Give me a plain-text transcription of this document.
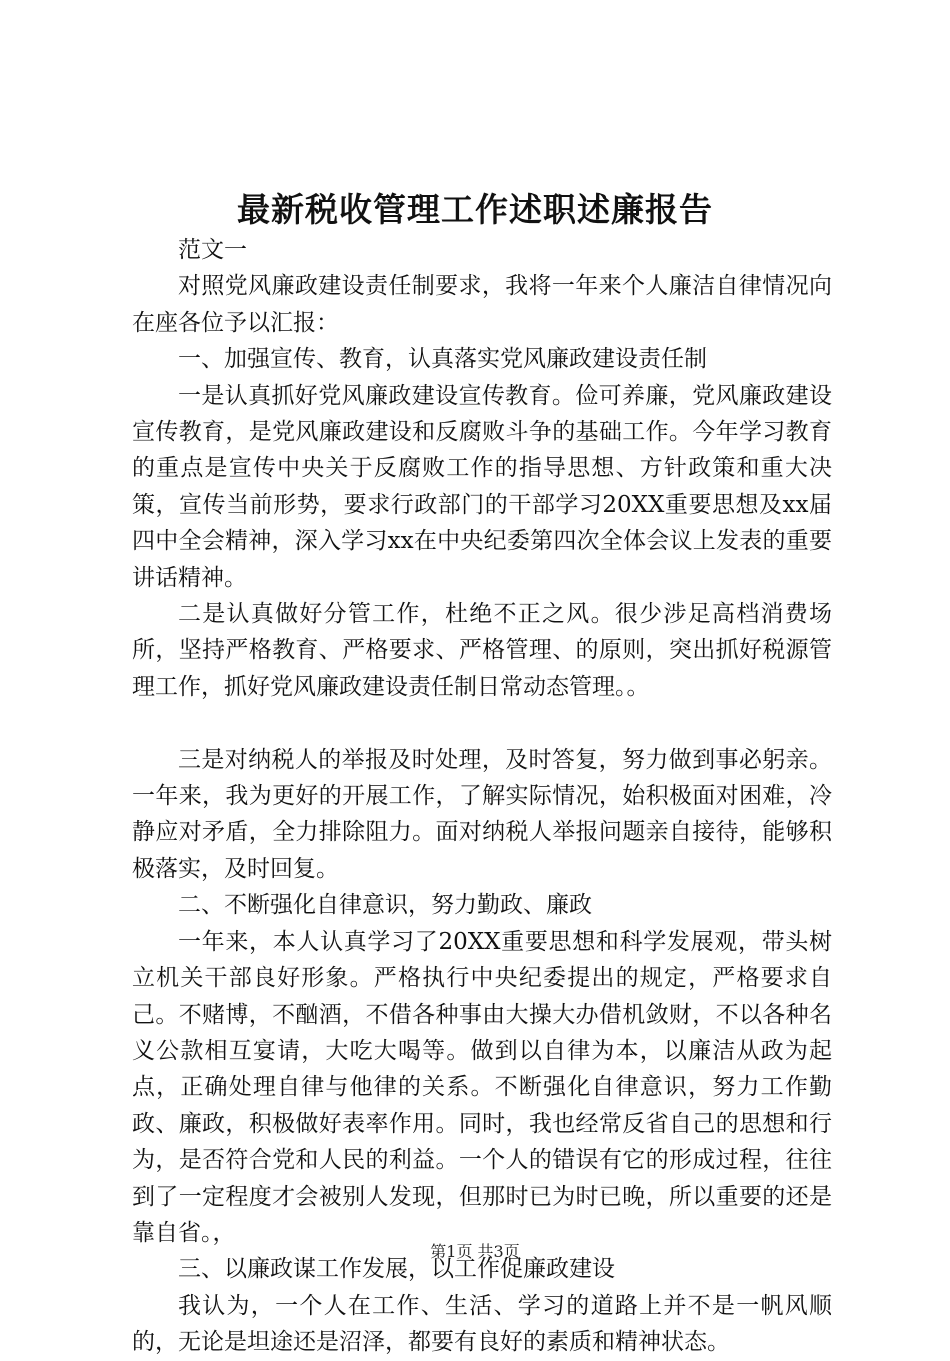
最新税收管理工作述职述廉报告

范文一

对照党风廉政建设责任制要求，我将一年来个人廉洁自律情况向在座各位予以汇报：

一、加强宣传、教育，认真落实党风廉政建设责任制

一是认真抓好党风廉政建设宣传教育。俭可养廉，党风廉政建设宣传教育，是党风廉政建设和反腐败斗争的基础工作。今年学习教育的重点是宣传中央关于反腐败工作的指导思想、方针政策和重大决策，宣传当前形势，要求行政部门的干部学习20XX重要思想及xx届四中全会精神，深入学习xx在中央纪委第四次全体会议上发表的重要讲话精神。

二是认真做好分管工作，杜绝不正之风。很少涉足高档消费场所，坚持严格教育、严格要求、严格管理、的原则，突出抓好税源管理工作，抓好党风廉政建设责任制日常动态管理。。

三是对纳税人的举报及时处理，及时答复，努力做到事必躬亲。一年来，我为更好的开展工作，了解实际情况，始积极面对困难，冷静应对矛盾，全力排除阻力。面对纳税人举报问题亲自接待，能够积极落实，及时回复。

二、不断强化自律意识，努力勤政、廉政

一年来，本人认真学习了20XX重要思想和科学发展观，带头树立机关干部良好形象。严格执行中央纪委提出的规定，严格要求自己。不赌博，不酗酒，不借各种事由大操大办借机敛财，不以各种名义公款相互宴请，大吃大喝等。做到以自律为本，以廉洁从政为起点，正确处理自律与他律的关系。不断强化自律意识，努力工作勤政、廉政，积极做好表率作用。同时，我也经常反省自己的思想和行为，是否符合党和人民的利益。一个人的错误有它的形成过程，往往到了一定程度才会被别人发现，但那时已为时已晚，所以重要的还是靠自省。，

三、以廉政谋工作发展，以工作促廉政建设

我认为，一个人在工作、生活、学习的道路上并不是一帆风顺的，无论是坦途还是沼泽，都要有良好的素质和精神状态。

第1页 共3页
